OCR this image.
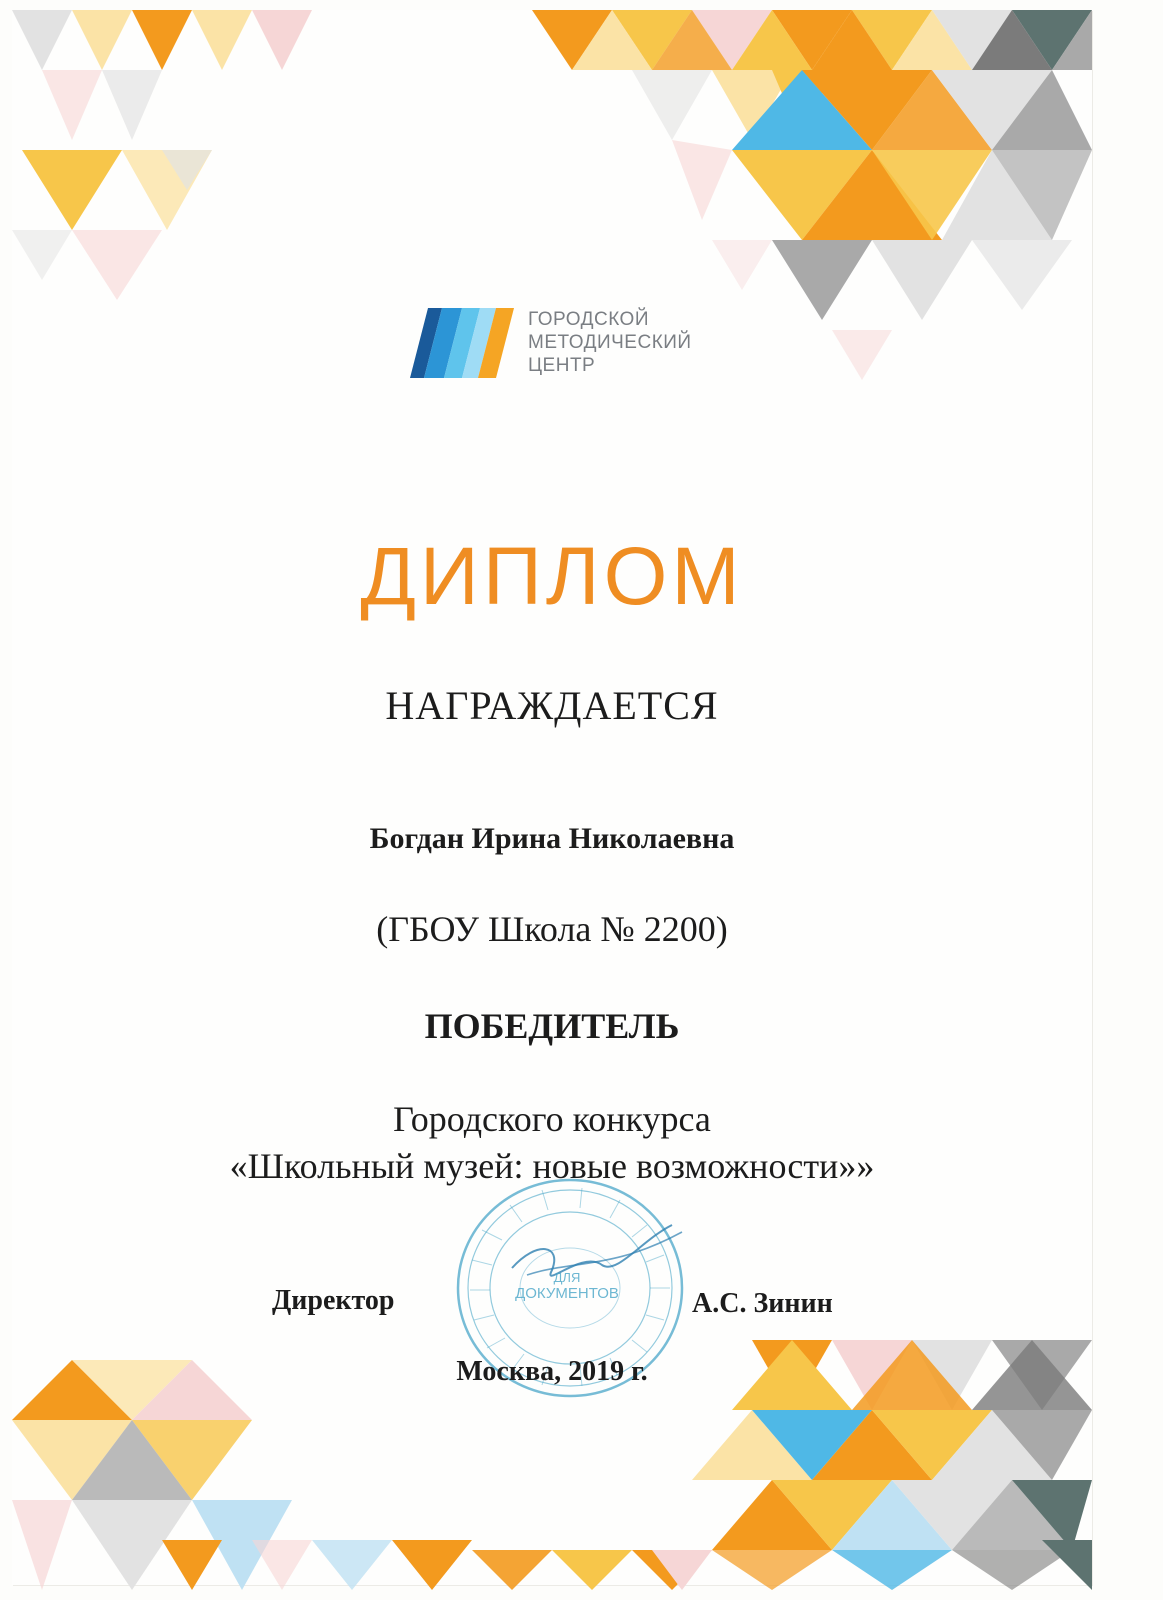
ГОРОДСКОЙ
МЕТОДИЧЕСКИЙ
ЦЕНТР
ДИПЛОМ
НАГРАЖДАЕТСЯ
Богдан Ирина Николаевна
(ГБОУ Школа № 2200)
ПОБЕДИТЕЛЬ
Городского конкурса
«Школьный музей: новые возможности»»
ДЛЯ
ДОКУМЕНТОВ
Директор	А.С. Зинин
Москва, 2019 г.
